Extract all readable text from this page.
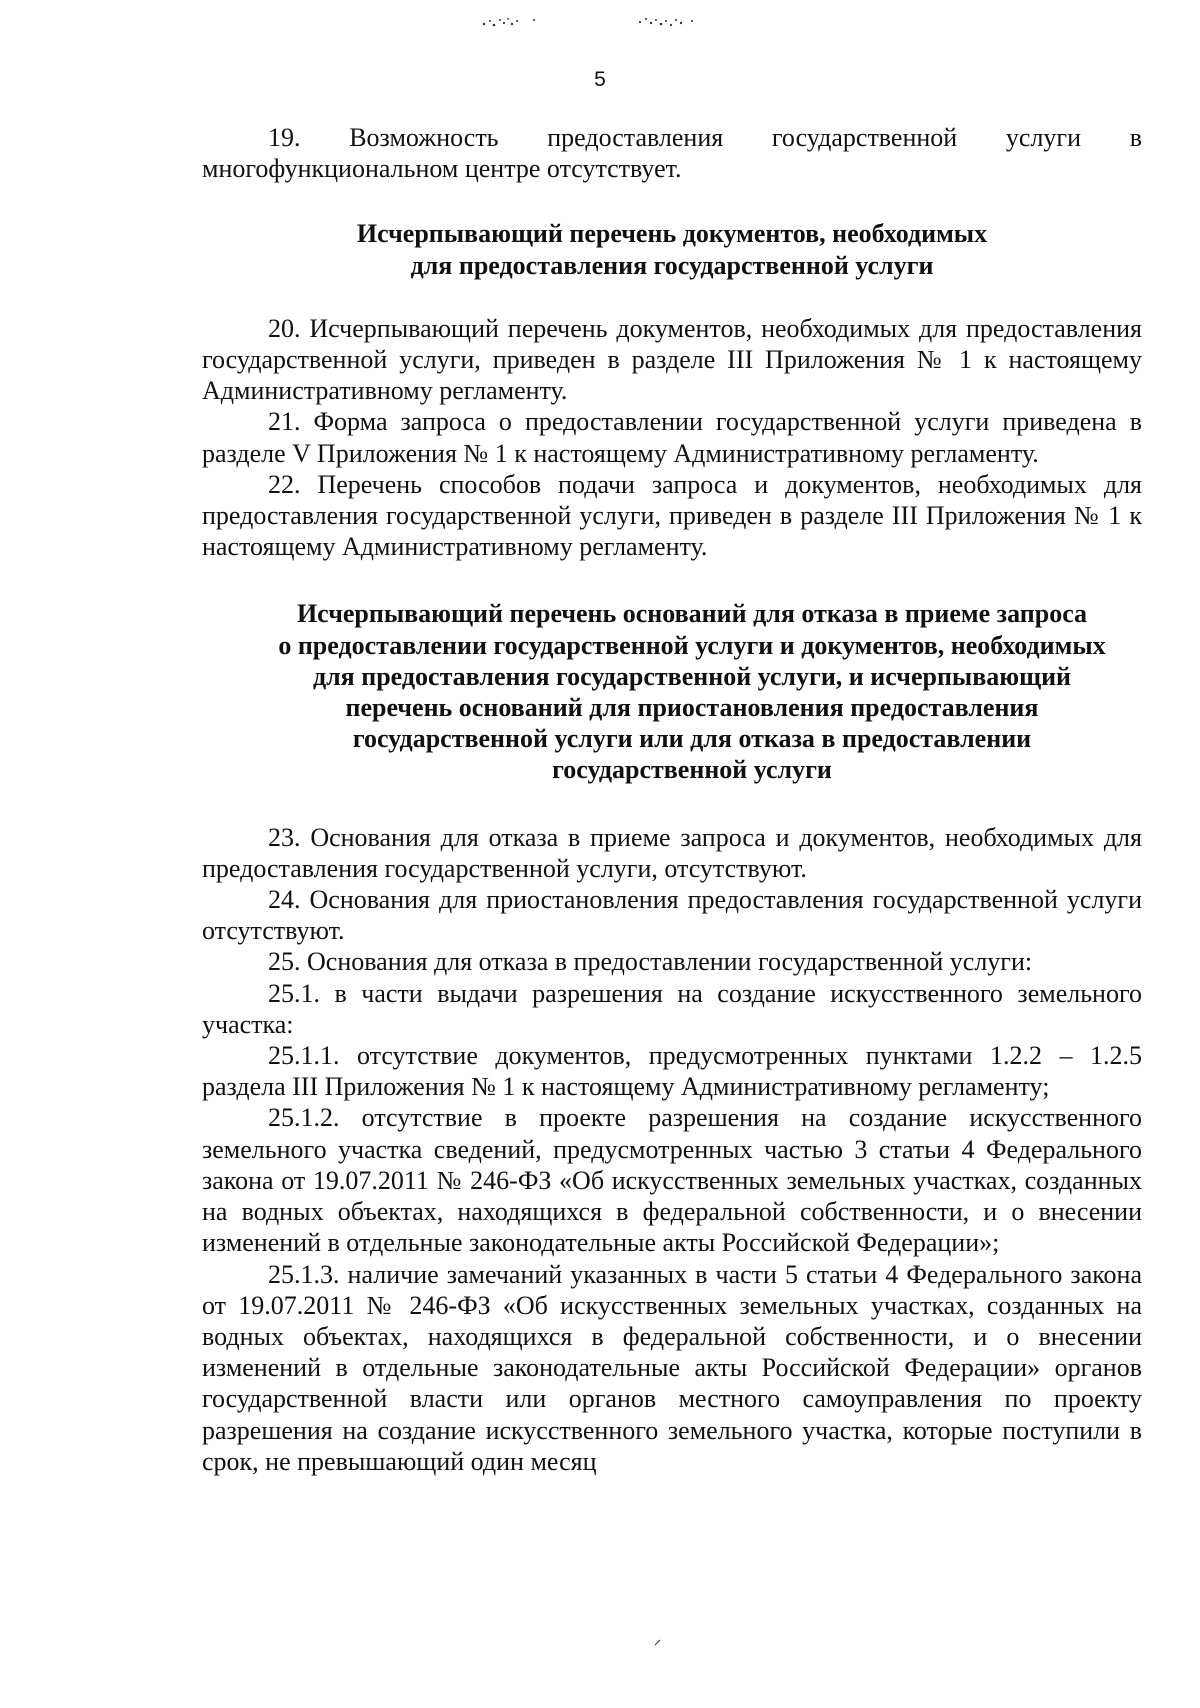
5

19. Возможность предоставления государственной услуги в многофункциональном центре отсутствует.

Исчерпывающий перечень документов, необходимых
для предоставления государственной услуги

20. Исчерпывающий перечень документов, необходимых для предоставления государственной услуги, приведен в разделе III Приложения № 1 к настоящему Административному регламенту.

21. Форма запроса о предоставлении государственной услуги приведена в разделе V Приложения № 1 к настоящему Административному регламенту.

22. Перечень способов подачи запроса и документов, необходимых для предоставления государственной услуги, приведен в разделе III Приложения № 1 к настоящему Административному регламенту.

Исчерпывающий перечень оснований для отказа в приеме запроса
о предоставлении государственной услуги и документов, необходимых
для предоставления государственной услуги, и исчерпывающий
перечень оснований для приостановления предоставления
государственной услуги или для отказа в предоставлении
государственной услуги

23. Основания для отказа в приеме запроса и документов, необходимых для предоставления государственной услуги, отсутствуют.

24. Основания для приостановления предоставления государственной услуги отсутствуют.

25. Основания для отказа в предоставлении государственной услуги:

25.1. в части выдачи разрешения на создание искусственного земельного участка:

25.1.1. отсутствие документов, предусмотренных пунктами 1.2.2 – 1.2.5 раздела III Приложения № 1 к настоящему Административному регламенту;

25.1.2. отсутствие в проекте разрешения на создание искусственного земельного участка сведений, предусмотренных частью 3 статьи 4 Федерального закона от 19.07.2011 № 246-ФЗ «Об искусственных земельных участках, созданных на водных объектах, находящихся в федеральной собственности, и о внесении изменений в отдельные законодательные акты Российской Федерации»;

25.1.3. наличие замечаний указанных в части 5 статьи 4 Федерального закона от 19.07.2011 № 246-ФЗ «Об искусственных земельных участках, созданных на водных объектах, находящихся в федеральной собственности, и о внесении изменений в отдельные законодательные акты Российской Федерации» органов государственной власти или органов местного самоуправления по проекту разрешения на создание искусственного земельного участка, которые поступили в срок, не превышающий один месяц
